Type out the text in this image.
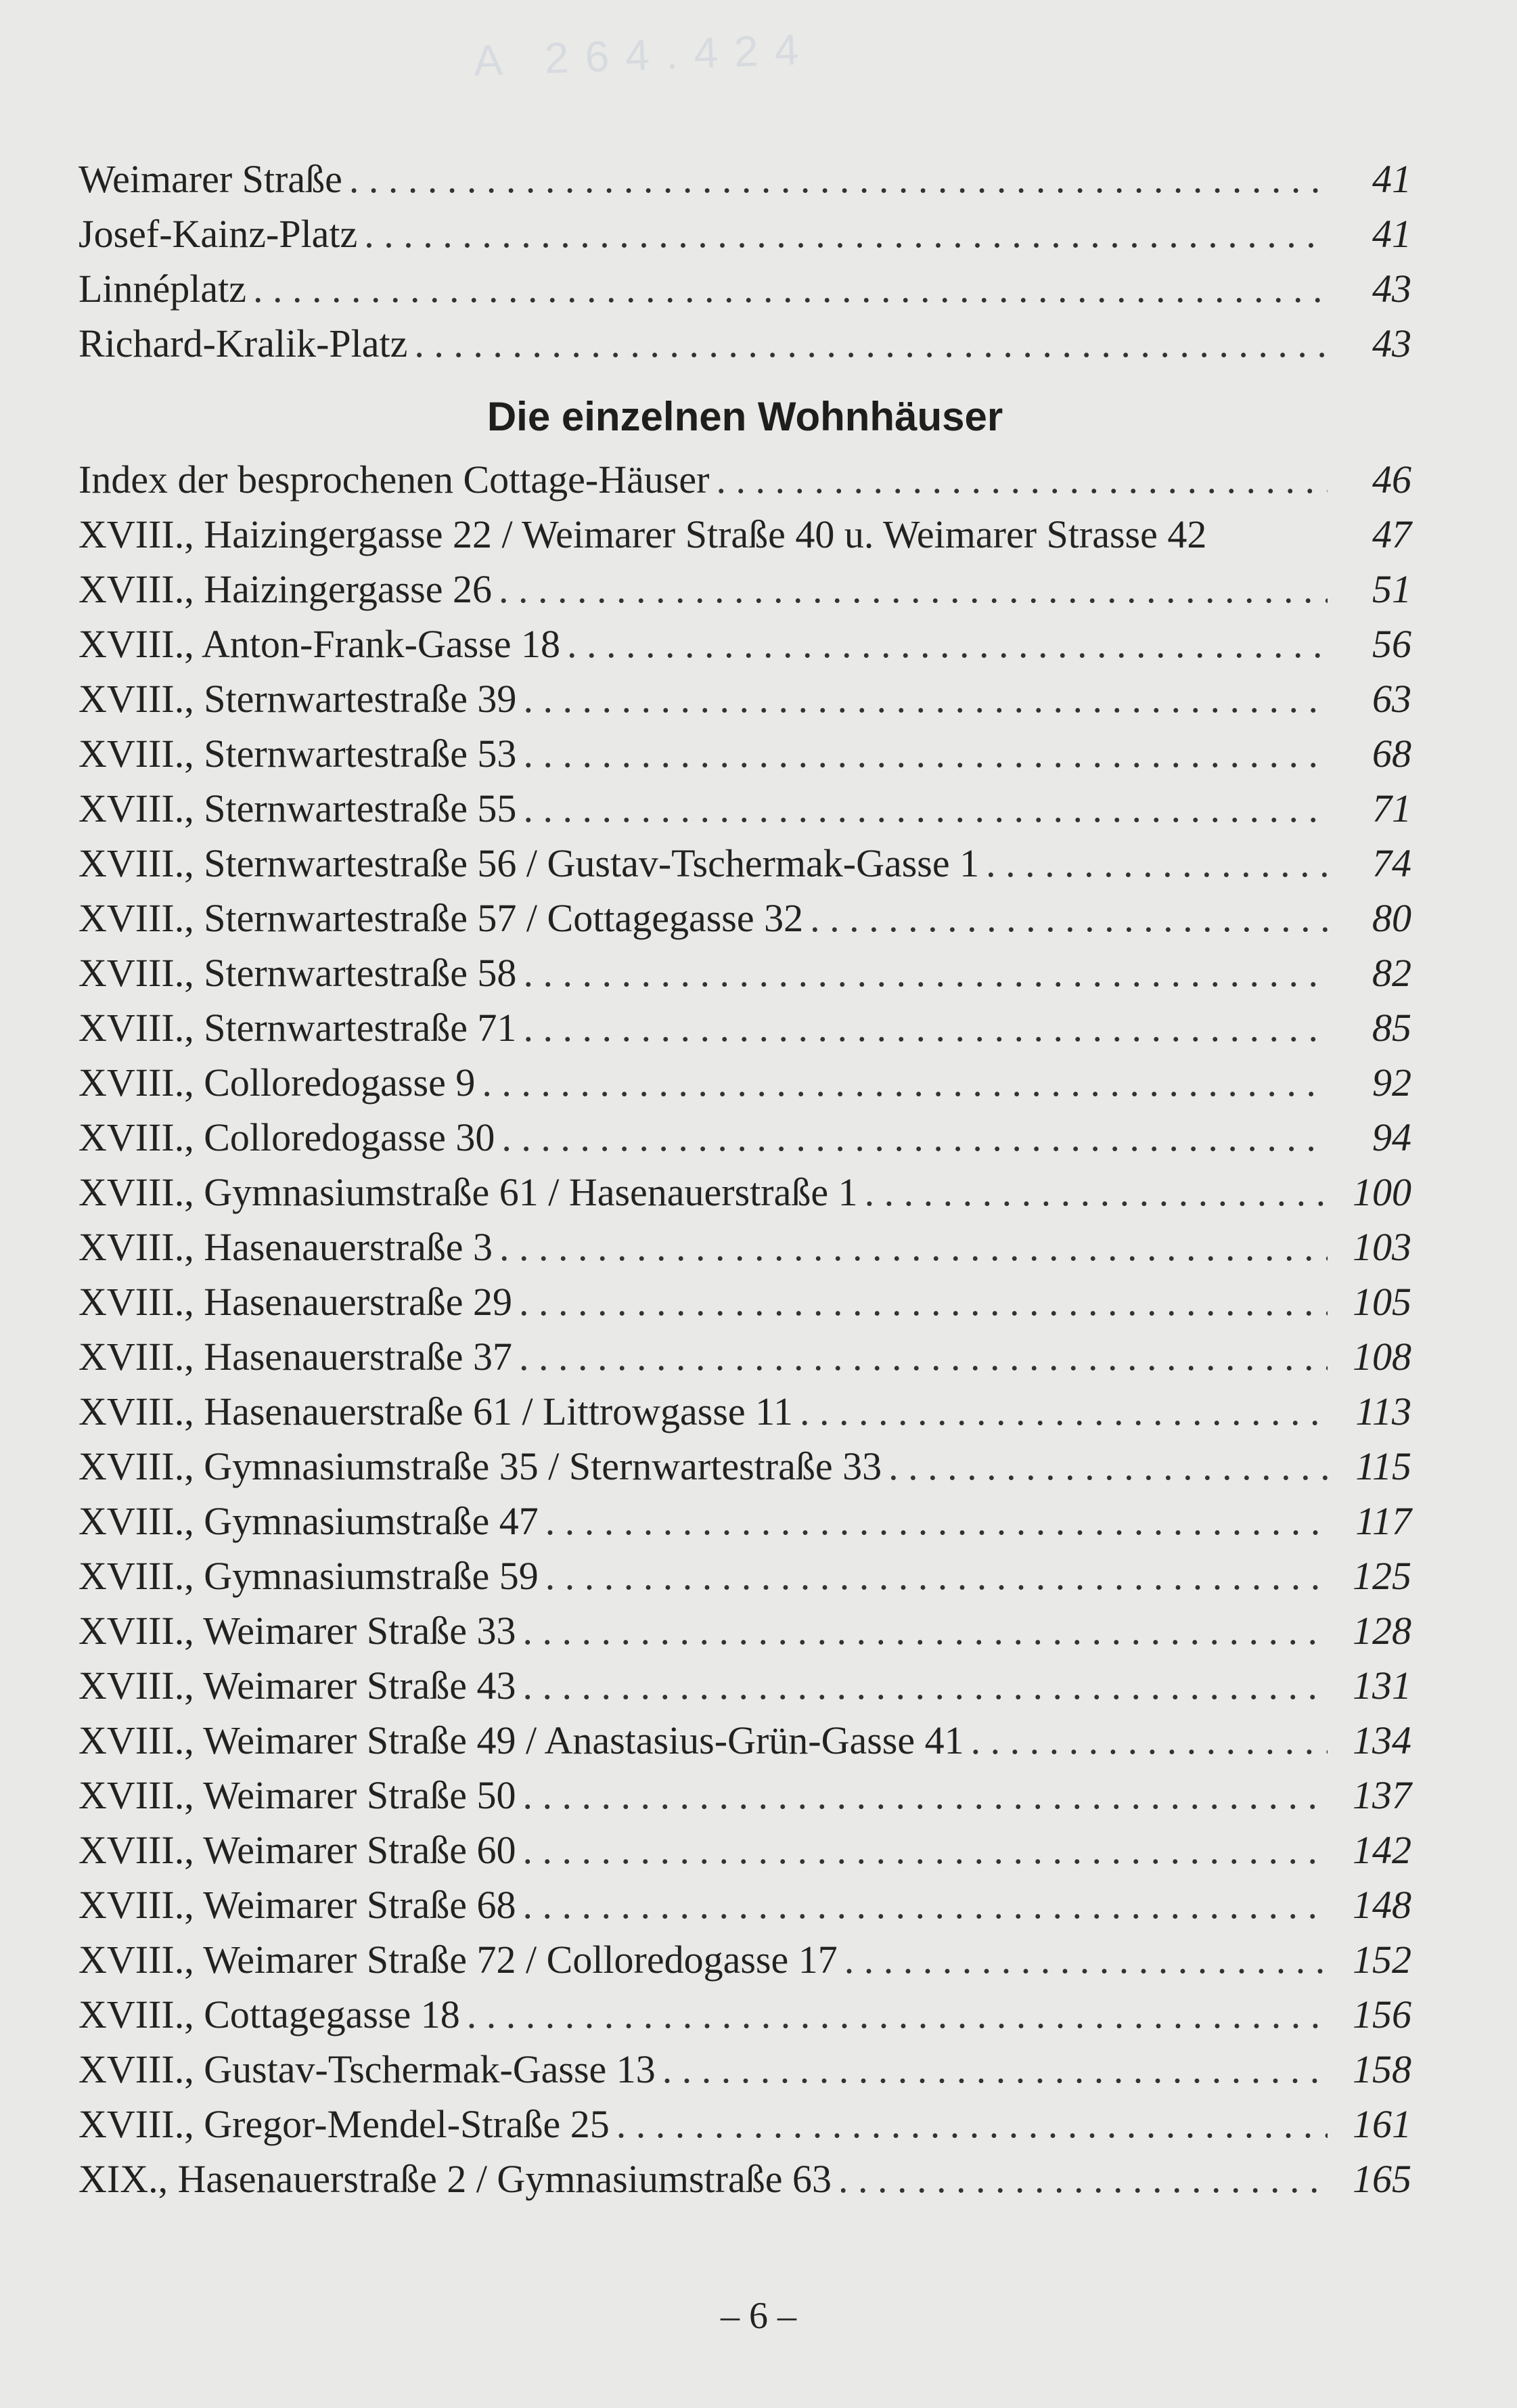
A 264.424
Weimarer Straße . . .	41
Josef-Kainz-Platz . . .	41
Linnéplatz . . .	43
Richard-Kralik-Platz . . .	43
Die einzelnen Wohnhäuser
Index der besprochenen Cottage-Häuser . . .	46
XVIII., Haizingergasse 22 / Weimarer Straße 40 u. Weimarer Strasse 42	47
XVIII., Haizingergasse 26 . . .	51
XVIII., Anton-Frank-Gasse 18 . . .	56
XVIII., Sternwartestraße 39 . . .	63
XVIII., Sternwartestraße 53 . . .	68
XVIII., Sternwartestraße 55 . . .	71
XVIII., Sternwartestraße 56 / Gustav-Tschermak-Gasse 1 . . .	74
XVIII., Sternwartestraße 57 / Cottagegasse 32 . . .	80
XVIII., Sternwartestraße 58 . . .	82
XVIII., Sternwartestraße 71 . . .	85
XVIII., Colloredogasse 9 . . .	92
XVIII., Colloredogasse 30 . . .	94
XVIII., Gymnasiumstraße 61 / Hasenauerstraße 1 . . .	100
XVIII., Hasenauerstraße 3 . . .	103
XVIII., Hasenauerstraße 29 . . .	105
XVIII., Hasenauerstraße 37 . . .	108
XVIII., Hasenauerstraße 61 / Littrowgasse 11 . . .	113
XVIII., Gymnasiumstraße 35 / Sternwartestraße 33 . . .	115
XVIII., Gymnasiumstraße 47 . . .	117
XVIII., Gymnasiumstraße 59 . . .	125
XVIII., Weimarer Straße 33 . . .	128
XVIII., Weimarer Straße 43 . . .	131
XVIII., Weimarer Straße 49 / Anastasius-Grün-Gasse 41 . . .	134
XVIII., Weimarer Straße 50 . . .	137
XVIII., Weimarer Straße 60 . . .	142
XVIII., Weimarer Straße 68 . . .	148
XVIII., Weimarer Straße 72 / Colloredogasse 17 . . .	152
XVIII., Cottagegasse 18 . . .	156
XVIII., Gustav-Tschermak-Gasse 13 . . .	158
XVIII., Gregor-Mendel-Straße 25 . . .	161
XIX., Hasenauerstraße 2 / Gymnasiumstraße 63 . . .	165
– 6 –
